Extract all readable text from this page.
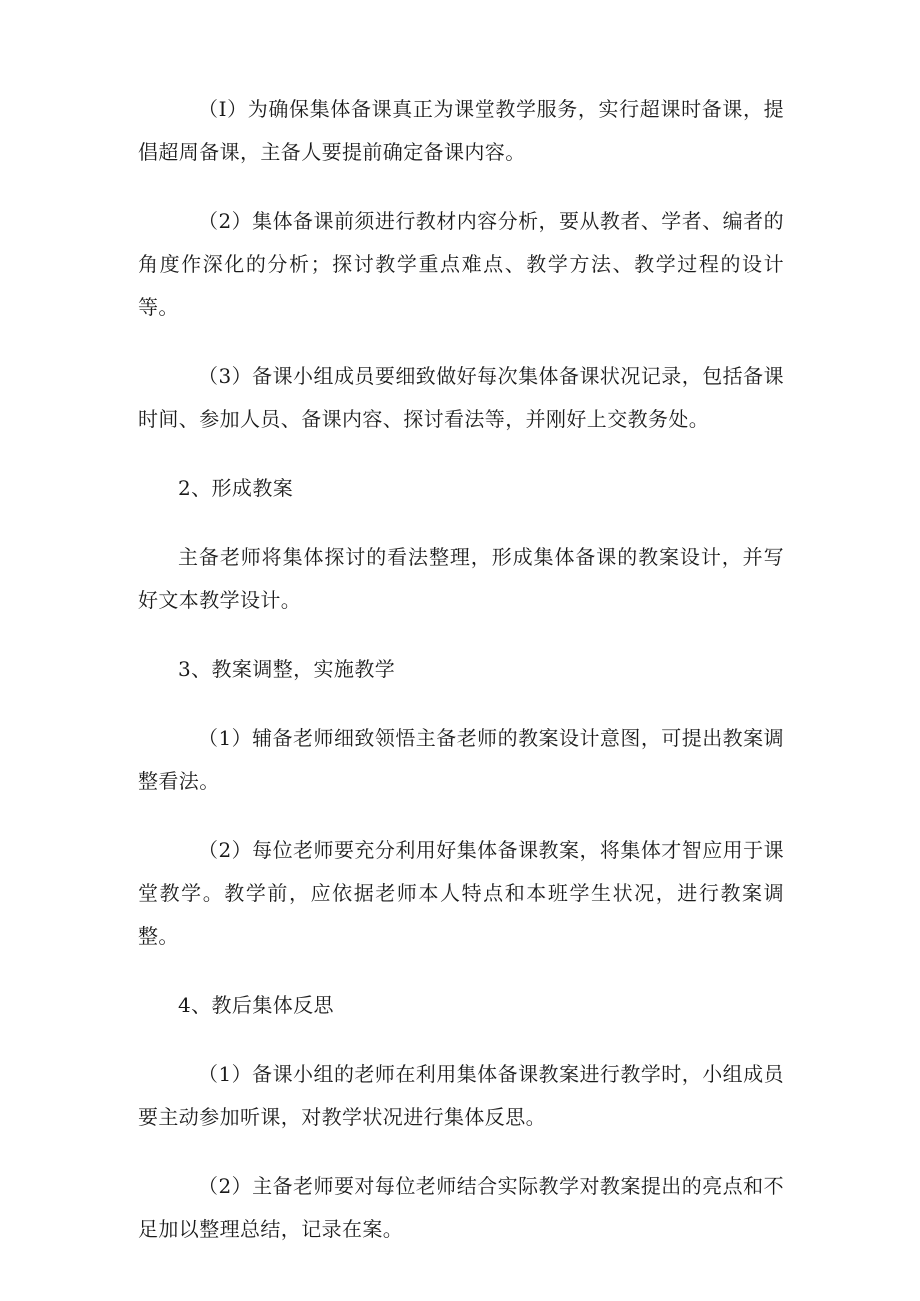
（I）为确保集体备课真正为课堂教学服务，实行超课时备课，提倡超周备课，主备人要提前确定备课内容。

（2）集体备课前须进行教材内容分析，要从教者、学者、编者的角度作深化的分析；探讨教学重点难点、教学方法、教学过程的设计等。

（3）备课小组成员要细致做好每次集体备课状况记录，包括备课时间、参加人员、备课内容、探讨看法等，并刚好上交教务处。

2、形成教案

主备老师将集体探讨的看法整理，形成集体备课的教案设计，并写好文本教学设计。

3、教案调整，实施教学

（1）辅备老师细致领悟主备老师的教案设计意图，可提出教案调整看法。

（2）每位老师要充分利用好集体备课教案，将集体才智应用于课堂教学。教学前，应依据老师本人特点和本班学生状况，进行教案调整。

4、教后集体反思

（1）备课小组的老师在利用集体备课教案进行教学时，小组成员要主动参加听课，对教学状况进行集体反思。

（2）主备老师要对每位老师结合实际教学对教案提出的亮点和不足加以整理总结，记录在案。
